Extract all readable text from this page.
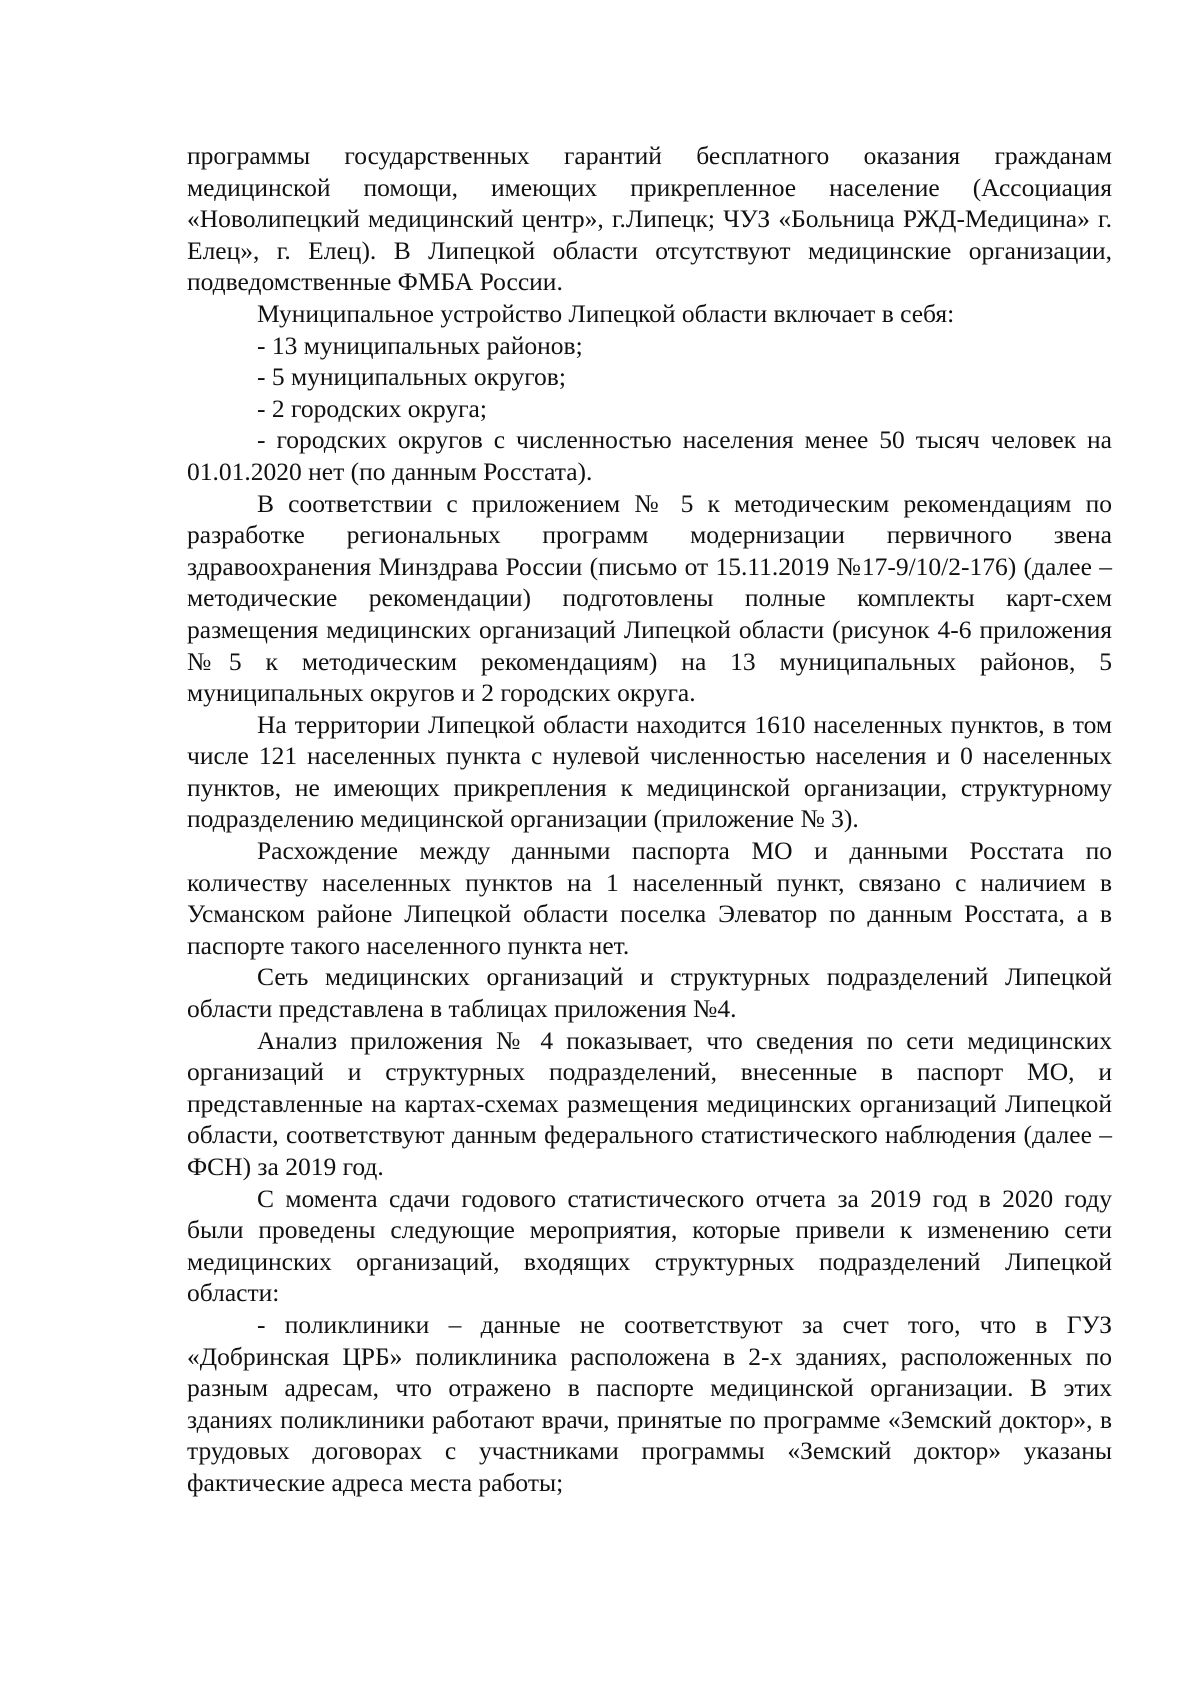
программы государственных гарантий бесплатного оказания гражданам медицинской помощи, имеющих прикрепленное население (Ассоциация «Новолипецкий медицинский центр», г.Липецк; ЧУЗ «Больница РЖД-Медицина» г. Елец», г. Елец). В Липецкой области отсутствуют медицинские организации, подведомственные ФМБА России.

Муниципальное устройство Липецкой области включает в себя:

- 13 муниципальных районов;

- 5 муниципальных округов;

- 2 городских округа;

- городских округов с численностью населения менее 50 тысяч человек на 01.01.2020 нет (по данным Росстата).

В соответствии с приложением № 5 к методическим рекомендациям по разработке региональных программ модернизации первичного звена здравоохранения Минздрава России (письмо от 15.11.2019 №17-9/10/2-176) (далее – методические рекомендации) подготовлены полные комплекты карт-схем размещения медицинских организаций Липецкой области (рисунок 4-6 приложения №5 к методическим рекомендациям) на 13 муниципальных районов, 5 муниципальных округов и 2 городских округа.

На территории Липецкой области находится 1610 населенных пунктов, в том числе 121 населенных пункта с нулевой численностью населения и 0 населенных пунктов, не имеющих прикрепления к медицинской организации, структурному подразделению медицинской организации (приложение № 3).

Расхождение между данными паспорта МО и данными Росстата по количеству населенных пунктов на 1 населенный пункт, связано с наличием в Усманском районе Липецкой области поселка Элеватор по данным Росстата, а в паспорте такого населенного пункта нет.

Сеть медицинских организаций и структурных подразделений Липецкой области представлена в таблицах приложения №4.

Анализ приложения № 4 показывает, что сведения по сети медицинских организаций и структурных подразделений, внесенные в паспорт МО, и представленные на картах-схемах размещения медицинских организаций Липецкой области, соответствуют данным федерального статистического наблюдения (далее – ФСН) за 2019 год.

С момента сдачи годового статистического отчета за 2019 год в 2020 году были проведены следующие мероприятия, которые привели к изменению сети медицинских организаций, входящих структурных подразделений Липецкой области:

- поликлиники – данные не соответствуют за счет того, что в ГУЗ «Добринская ЦРБ» поликлиника расположена в 2-х зданиях, расположенных по разным адресам, что отражено в паспорте медицинской организации. В этих зданиях поликлиники работают врачи, принятые по программе «Земский доктор», в трудовых договорах с участниками программы «Земский доктор» указаны фактические адреса места работы;
